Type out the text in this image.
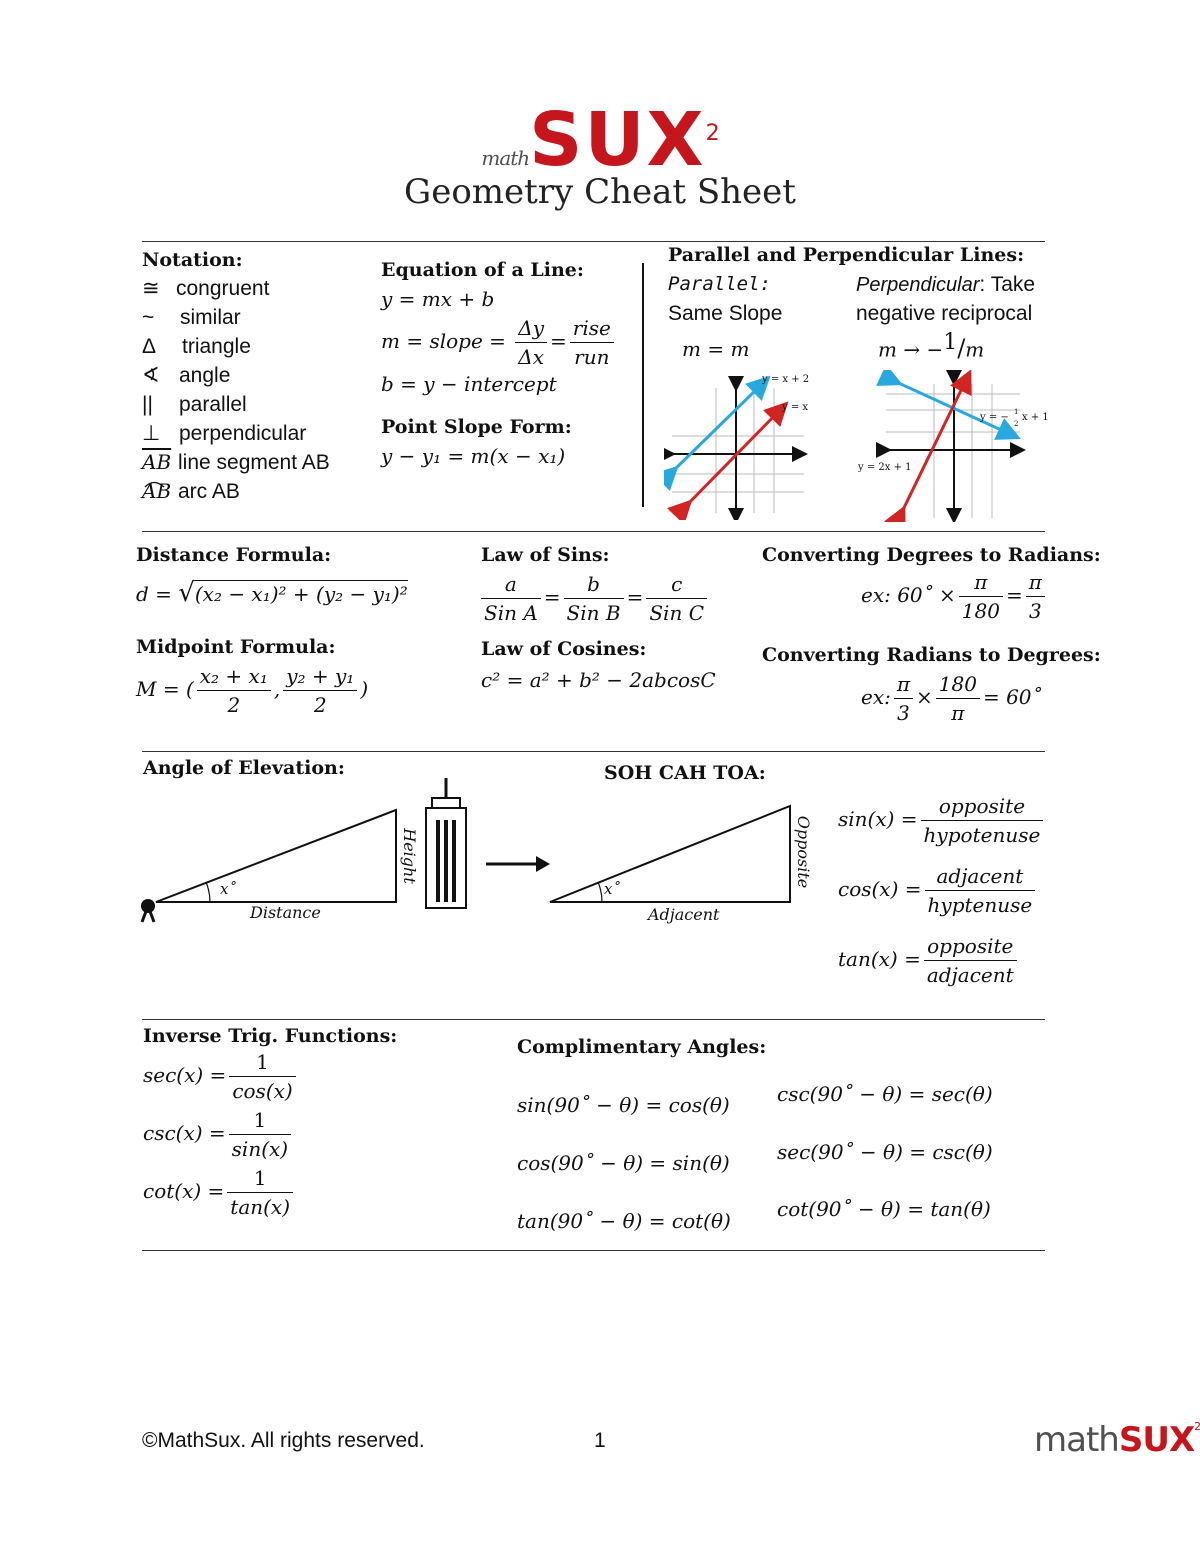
mathSUX$^2$
Geometry Cheat Sheet
Notation:
≅ congruent
~ similar
Δ triangle
∢ angle
|| parallel
⊥ perpendicular
$\overline{AB}$ line segment AB
AB arc AB
Equation of a Line:
y = mx + b
m = slope = $\frac{\Delta y}{\Delta x} = \frac{\text{rise}}{\text{run}}$
b = y − intercept
Point Slope Form:
y − y₁ = m(x − x₁)
Parallel and Perpendicular Lines:
Parallel:
Same Slope
m = m
Perpendicular: Take
negative reciprocal
m → −$^1$/m
y = x + 2
y = x
y = − 1
2
x + 1
y = 2x + 1
Distance Formula:
d = √(x₂ − x₁)² + (y₂ − y₁)²
Midpoint Formula:
M = ( $\frac{\text{x₂ + x₁}}{2}$ , $\frac{\text{y₂ + y₁}}{2}$ )
Law of Sins:
$\frac{a}{\text{Sin A}} = \frac{b}{\text{Sin B}} = \frac{c}{\text{Sin C}}$
Law of Cosines:
c² = a² + b² − 2abcosC
Converting Degrees to Radians:
ex: 60˚ × $\frac{\pi}{180} = \frac{\pi}{3}$
Converting Radians to Degrees:
ex: $\frac{\pi}{3} \times \frac{180}{\pi}$ = 60˚
Angle of Elevation:
x˚
Distance
Height
SOH CAH TOA:
x˚
Adjacent
Opposite $\sin(x) = \frac{\text{opposite}}{\text{hypotenuse}}$
$\cos(x) = \frac{\text{adjacent}}{\text{hyptenuse}}$
$\tan(x) = \frac{\text{opposite}}{\text{adjacent}}$
Inverse Trig. Functions:
$\sec(x) = \frac{1}{\cos(x)}$
$\csc(x) = \frac{1}{\sin(x)}$
$\cot(x) = \frac{1}{\tan(x)}$
Complimentary Angles:
sin(90˚ − θ) = cos(θ)
cos(90˚ − θ) = sin(θ)
tan(90˚ − θ) = cot(θ)
csc(90˚ − θ) = sec(θ)
sec(90˚ − θ) = csc(θ)
cot(90˚ − θ) = tan(θ)
©MathSux. All rights reserved.	1	mathSUX$^2$
